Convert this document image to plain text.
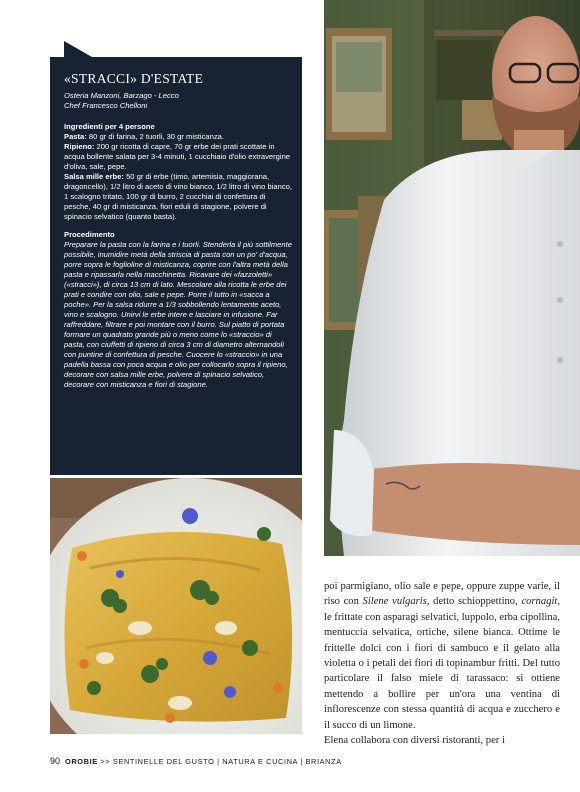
«STRACCI» D'ESTATE

Osteria Manzoni, Barzago - Lecco

Chef Francesco Chelloni

Ingredienti per 4 persone

Pasta: 80 gr di farina, 2 tuorli, 30 gr misticanza.

Ripieno: 200 gr ricotta di capre, 70 gr erbe dei prati scottate in acqua bollente salata per 3-4 minuti, 1 cucchiaio d'olio extravergine d'oliva, sale, pepe.

Salsa mille erbe: 50 gr di erbe (timo, artemisia, maggiorana, dragoncello), 1/2 litro di aceto di vino bianco, 1/2 litro di vino bianco, 1 scalogno tritato, 100 gr di burro, 2 cucchiai di confettura di pesche, 40 gr di misticanza, fiori eduli di stagione, polvere di spinacio selvatico (quanto basta).

Procedimento

Preparare la pasta con la farina e i tuorli. Stenderla il più sottilmente possibile, inumidire metà della striscia di pasta con un po' d'acqua, porre sopra le foglioline di misticanza, coprire con l'altra metà della pasta e ripassarla nella macchinetta. Ricavare dei «fazzoletti» («stracci»), di circa 13 cm di lato. Mescolare alla ricotta le erbe dei prati e condire con olio, sale e pepe. Porre il tutto in «sacca a poche». Per la salsa ridurre a 1/3 sobbollendo lentamente aceto, vino e scalogno. Unirvi le erbe intere e lasciare in infusione. Far raffreddare, filtrare e poi montare con il burro. Sul piatto di portata formare un quadrato grande più o meno come lo «straccio» di pasta, con ciuffetti di ripieno di circa 3 cm di diametro alternandoli con puntine di confettura di pesche. Cuocere lo «straccio» in una padella bassa con poca acqua e olio per collocarlo sopra il ripieno, decorare con salsa mille erbe, polvere di spinacio selvatico, decorare con misticanza e fiori di stagione.

poi parmigiano, olio sale e pepe, oppure zuppe varie, il riso con Silene vulgaris, detto schioppettino, cornagit, le frittate con asparagi selvatici, luppolo, erba cipollina, mentuccia selvatica, ortiche, silene bianca. Ottime le frittelle dolci con i fiori di sambuco e il gelato alla violetta o i petali dei fiori di topinambur fritti. Del tutto particolare il falso miele di tarassaco: si ottiene mettendo a bollire per un'ora una ventina di inflorescenze con stessa quantità di acqua e zucchero e il succo di un limone.

Elena collabora con diversi ristoranti, per i

90 OROBIE >> SENTINELLE DEL GUSTO | NATURA E CUCINA | BRIANZA
